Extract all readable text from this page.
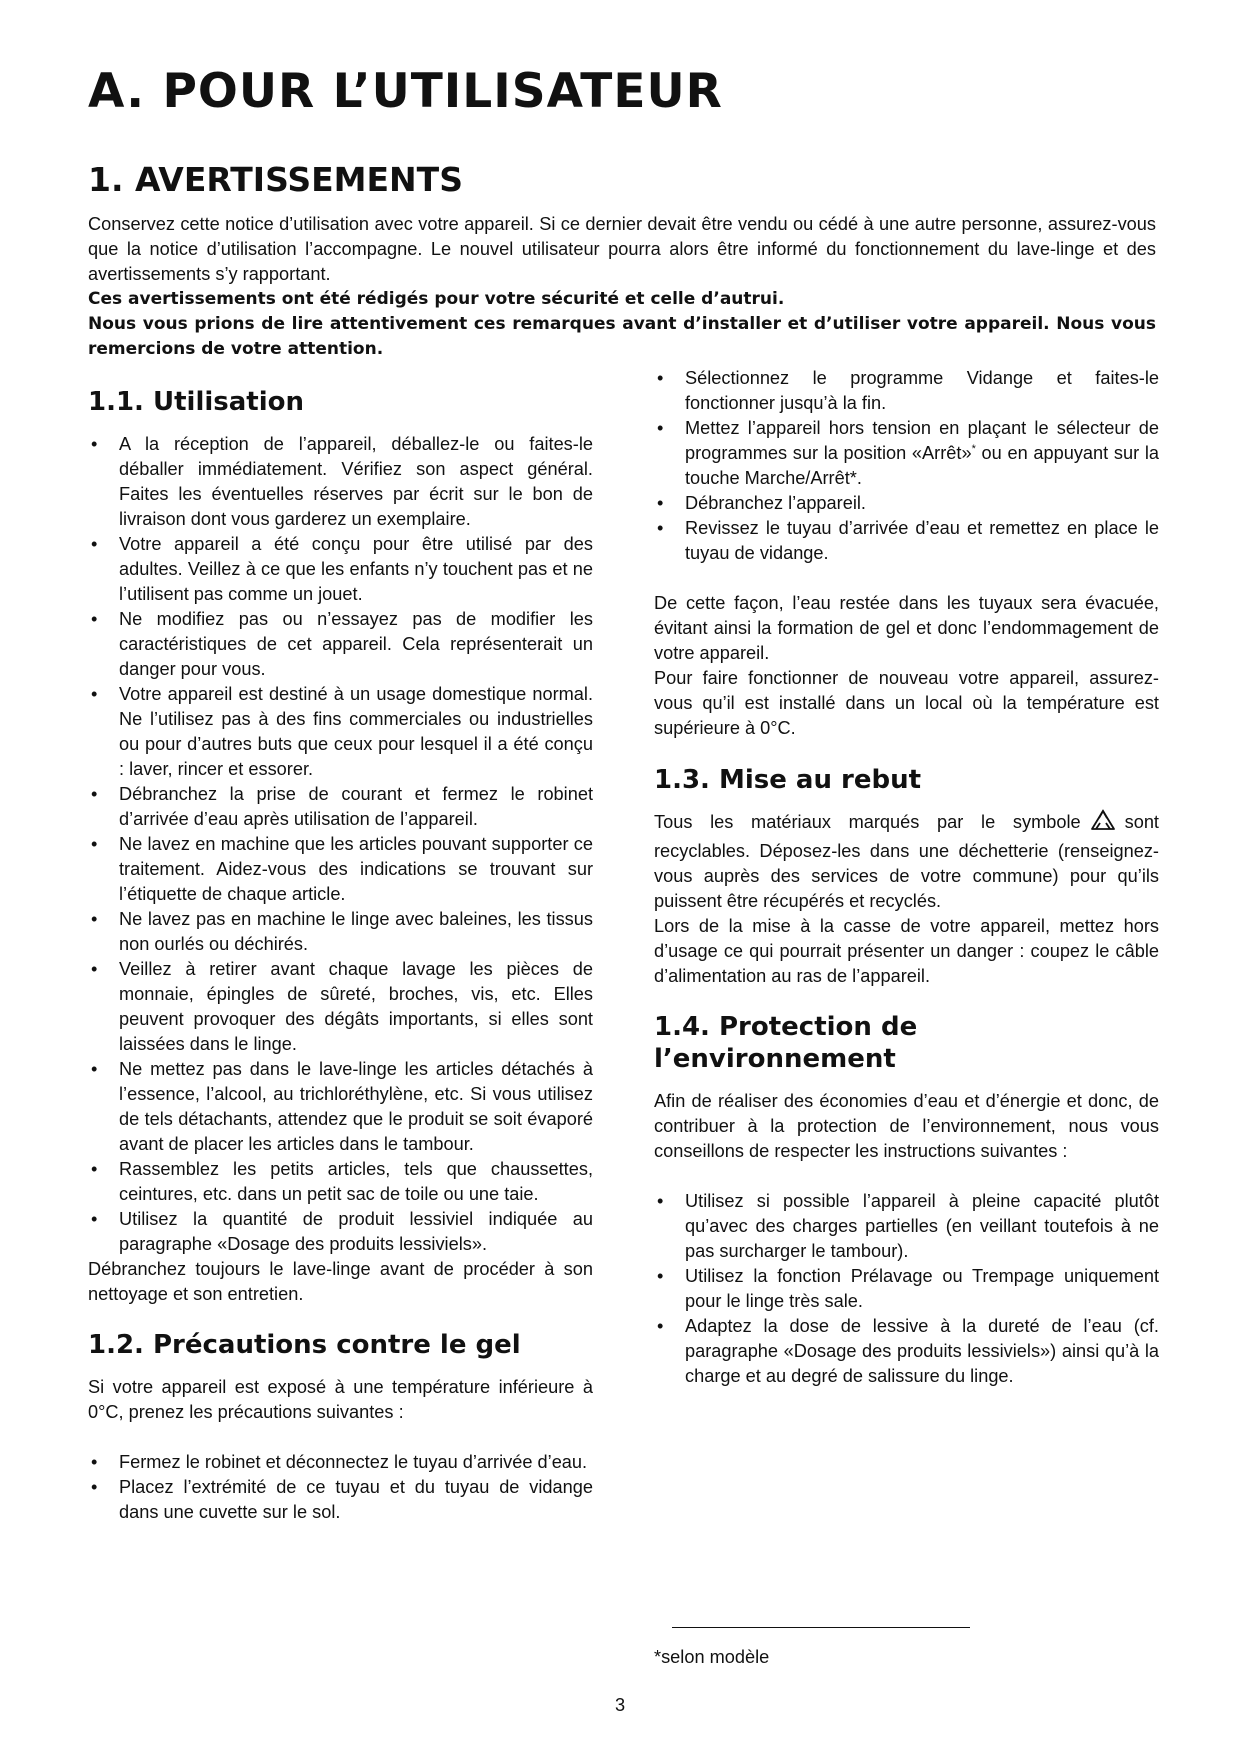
A. POUR L’UTILISATEUR
1. AVERTISSEMENTS

Conservez cette notice d’utilisation avec votre appareil. Si ce dernier devait être vendu ou cédé à une autre personne, assurez-vous que la notice d’utilisation l’accompagne. Le nouvel utilisateur pourra alors être informé du fonctionnement du lave-linge et des avertissements s’y rapportant.

Ces avertissements ont été rédigés pour votre sécurité et celle d’autrui.

Nous vous prions de lire attentivement ces remarques avant d’installer et d’utiliser votre appareil. Nous vous remercions de votre attention.

1.1. Utilisation
• A la réception de l’appareil, déballez-le ou faites-le déballer immédiatement. Vérifiez son aspect général. Faites les éventuelles réserves par écrit sur le bon de livraison dont vous garderez un exemplaire.
• Votre appareil a été conçu pour être utilisé par des adultes. Veillez à ce que les enfants n’y touchent pas et ne l’utilisent pas comme un jouet.
• Ne modifiez pas ou n’essayez pas de modifier les caractéristiques de cet appareil. Cela représenterait un danger pour vous.
• Votre appareil est destiné à un usage domestique normal. Ne l’utilisez pas à des fins commerciales ou industrielles ou pour d’autres buts que ceux pour lesquel il a été conçu : laver, rincer et essorer.
• Débranchez la prise de courant et fermez le robinet d’arrivée d’eau après utilisation de l’appareil.
• Ne lavez en machine que les articles pouvant supporter ce traitement. Aidez-vous des indications se trouvant sur l’étiquette de chaque article.
• Ne lavez pas en machine le linge avec baleines, les tissus non ourlés ou déchirés.
• Veillez à retirer avant chaque lavage les pièces de monnaie, épingles de sûreté, broches, vis, etc. Elles peuvent provoquer des dégâts importants, si elles sont laissées dans le linge.
• Ne mettez pas dans le lave-linge les articles détachés à l’essence, l’alcool, au trichloréthylène, etc. Si vous utilisez de tels détachants, attendez que le produit se soit évaporé avant de placer les articles dans le tambour.
• Rassemblez les petits articles, tels que chaussettes, ceintures, etc. dans un petit sac de toile ou une taie.
• Utilisez la quantité de produit lessiviel indiquée au paragraphe «Dosage des produits lessiviels».

Débranchez toujours le lave-linge avant de procéder à son nettoyage et son entretien.

1.2. Précautions contre le gel

Si votre appareil est exposé à une température inférieure à 0°C, prenez les précautions suivantes :

• Fermez le robinet et déconnectez le tuyau d’arrivée d’eau.
• Placez l’extrémité de ce tuyau et du tuyau de vidange dans une cuvette sur le sol.
• Sélectionnez le programme Vidange et faites-le fonctionner jusqu’à la fin.
• Mettez l’appareil hors tension en plaçant le sélecteur de programmes sur la position «Arrêt»* ou en appuyant sur la touche Marche/Arrêt*.
• Débranchez l’appareil.
• Revissez le tuyau d’arrivée d’eau et remettez en place le tuyau de vidange.

De cette façon, l’eau restée dans les tuyaux sera évacuée, évitant ainsi la formation de gel et donc l’endommagement de votre appareil.

Pour faire fonctionner de nouveau votre appareil, assurez-vous qu’il est installé dans un local où la température est supérieure à 0°C.

1.3. Mise au rebut

Tous les matériaux marqués par le symbole sont recyclables. Déposez-les dans une déchetterie (renseignez-vous auprès des services de votre commune) pour qu’ils puissent être récupérés et recyclés.

Lors de la mise à la casse de votre appareil, mettez hors d’usage ce qui pourrait présenter un danger : coupez le câble d’alimentation au ras de l’appareil.

1.4. Protection de l’environnement

Afin de réaliser des économies d’eau et d’énergie et donc, de contribuer à la protection de l’environnement, nous vous conseillons de respecter les instructions suivantes :

• Utilisez si possible l’appareil à pleine capacité plutôt qu’avec des charges partielles (en veillant toutefois à ne pas surcharger le tambour).
• Utilisez la fonction Prélavage ou Trempage uniquement pour le linge très sale.
• Adaptez la dose de lessive à la dureté de l’eau (cf. paragraphe «Dosage des produits lessiviels») ainsi qu’à la charge et au degré de salissure du linge.
*selon modèle
3
